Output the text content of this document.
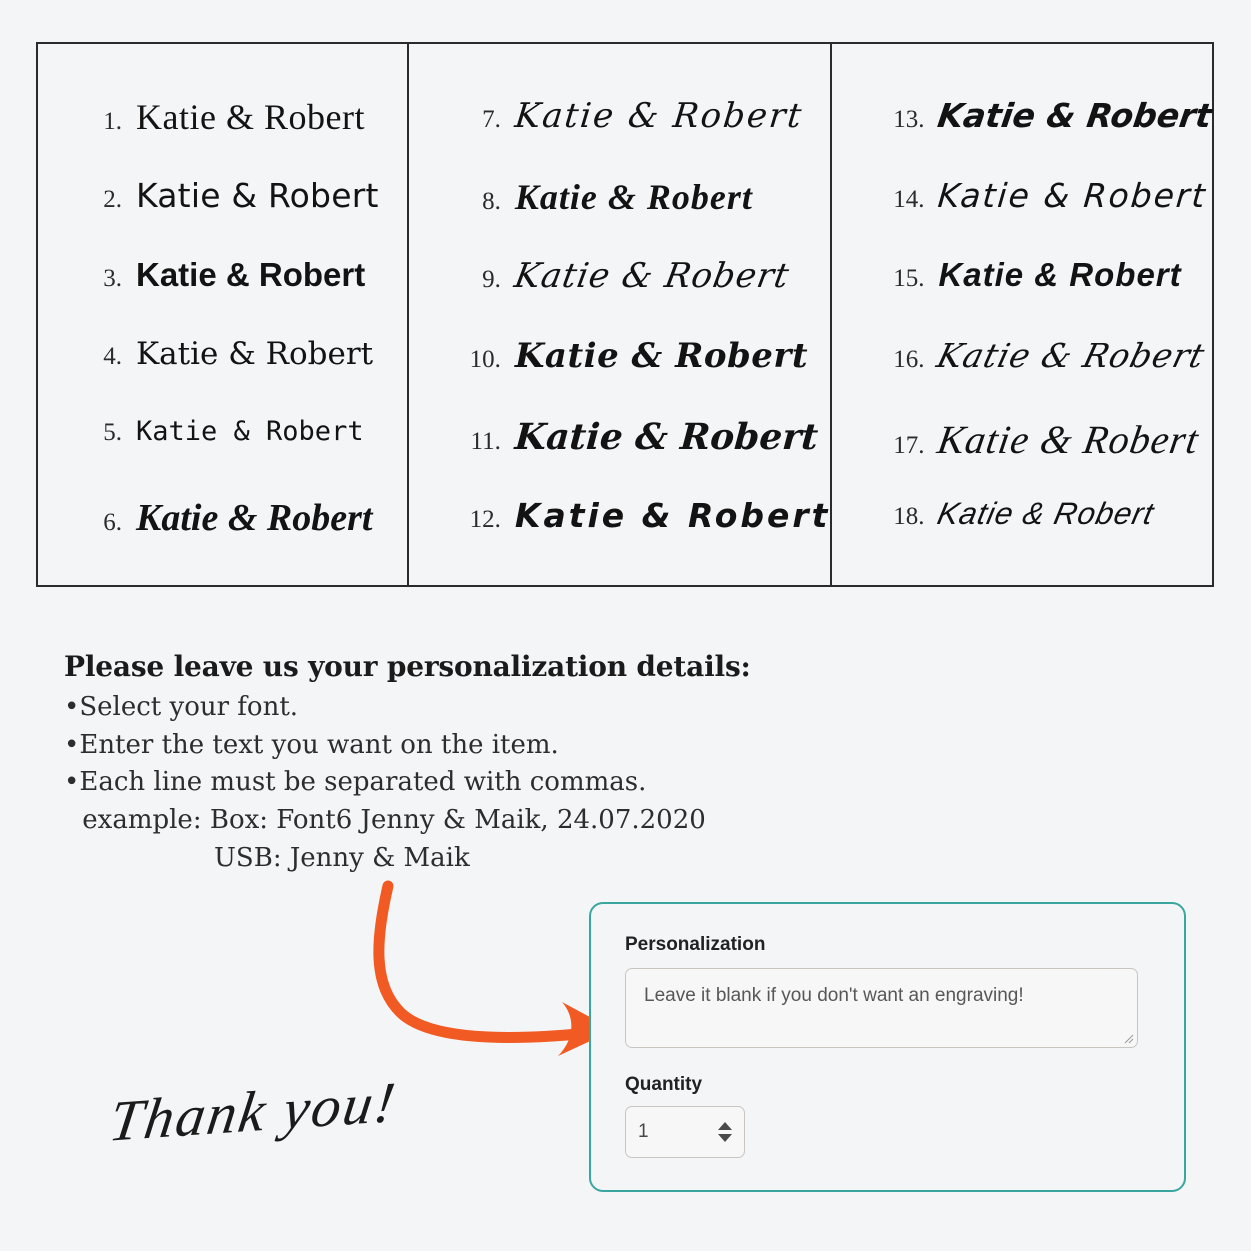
1. Katie & Robert
2. Katie & Robert
3. Katie & Robert
4. Katie & Robert
5. Katie & Robert
6. Katie & Robert
7. Katie & Robert
8. Katie & Robert
9. Katie & Robert
10. Katie & Robert
11. Katie & Robert
12. Katie & Robert
13. Katie & Robert
14. Katie & Robert
15. Katie & Robert
16. Katie & Robert
17. Katie & Robert
18. Katie & Robert
Please leave us your personalization details:
•Select your font.
•Enter the text you want on the item.
•Each line must be separated with commas.
example: Box: Font6 Jenny & Maik, 24.07.2020
USB: Jenny & Maik
Thank you!
Personalization
Leave it blank if you don't want an engraving!
Quantity
1
